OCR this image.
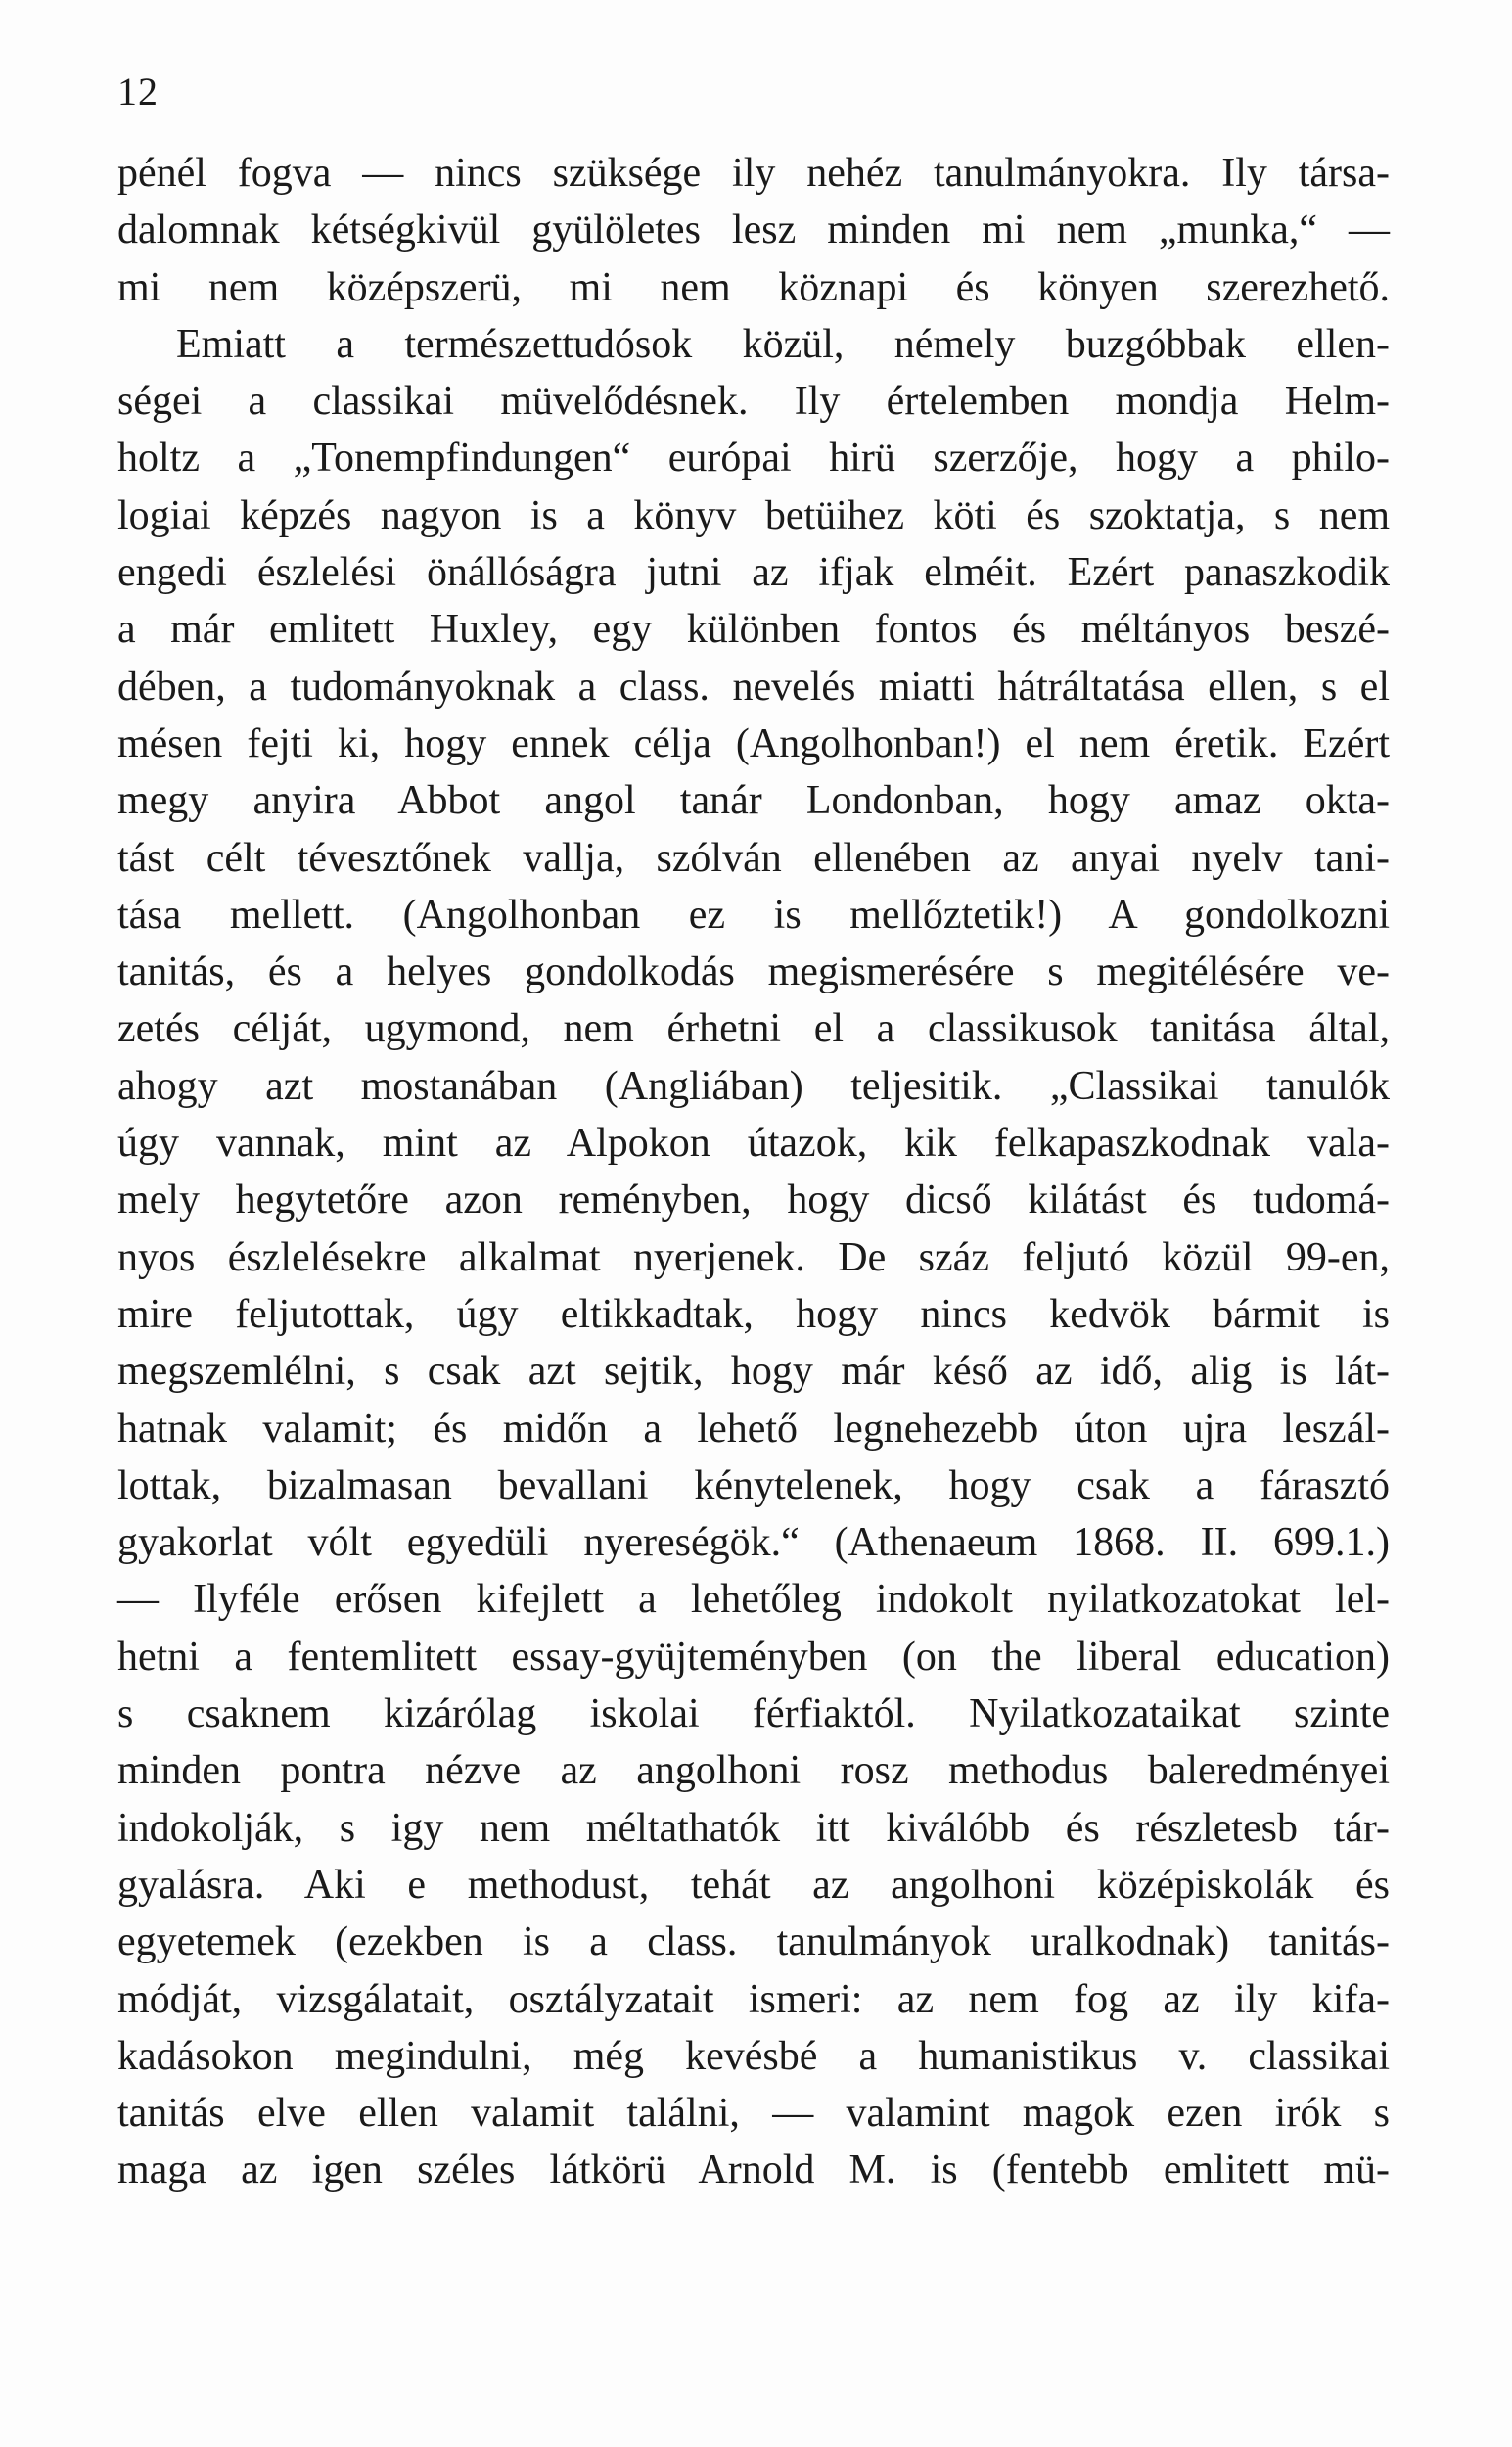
12
pénél fogva — nincs szüksége ily nehéz tanulmányokra. Ily társa-
dalomnak kétségkivül gyülöletes lesz minden mi nem „munka,“ —
mi nem középszerü, mi nem köznapi és könyen szerezhető.
Emiatt a természettudósok közül, némely buzgóbbak ellen-
ségei a classikai müvelődésnek. Ily értelemben mondja Helm-
holtz a „Tonempfindungen“ európai hirü szerzője, hogy a philo-
logiai képzés nagyon is a könyv betüihez köti és szoktatja, s nem
engedi észlelési önállóságra jutni az ifjak elméit. Ezért panaszkodik
a már emlitett Huxley, egy különben fontos és méltányos beszé-
dében, a tudományoknak a class. nevelés miatti hátráltatása ellen, s el
mésen fejti ki, hogy ennek célja (Angolhonban!) el nem éretik. Ezért
megy anyira Abbot angol tanár Londonban, hogy amaz okta-
tást célt tévesztőnek vallja, szólván ellenében az anyai nyelv tani-
tása mellett. (Angolhonban ez is mellőztetik!) A gondolkozni
tanitás, és a helyes gondolkodás megismerésére s megitélésére ve-
zetés célját, ugymond, nem érhetni el a classikusok tanitása által,
ahogy azt mostanában (Angliában) teljesitik. „Classikai tanulók
úgy vannak, mint az Alpokon útazok, kik felkapaszkodnak vala-
mely hegytetőre azon reményben, hogy dicső kilátást és tudomá-
nyos észlelésekre alkalmat nyerjenek. De száz feljutó közül 99-en,
mire feljutottak, úgy eltikkadtak, hogy nincs kedvök bármit is
megszemlélni, s csak azt sejtik, hogy már késő az idő, alig is lát-
hatnak valamit; és midőn a lehető legnehezebb úton ujra leszál-
lottak, bizalmasan bevallani kénytelenek, hogy csak a fárasztó
gyakorlat vólt egyedüli nyereségök.“ (Athenaeum 1868. II. 699.1.)
— Ilyféle erősen kifejlett a lehetőleg indokolt nyilatkozatokat lel-
hetni a fentemlitett essay-gyüjteményben (on the liberal education)
s csaknem kizárólag iskolai férfiaktól. Nyilatkozataikat szinte
minden pontra nézve az angolhoni rosz methodus baleredményei
indokolják, s igy nem méltathatók itt kiválóbb és részletesb tár-
gyalásra. Aki e methodust, tehát az angolhoni középiskolák és
egyetemek (ezekben is a class. tanulmányok uralkodnak) tanitás-
módját, vizsgálatait, osztályzatait ismeri: az nem fog az ily kifa-
kadásokon megindulni, még kevésbé a humanistikus v. classikai
tanitás elve ellen valamit találni, — valamint magok ezen irók s
maga az igen széles látkörü Arnold M. is (fentebb emlitett mü-
